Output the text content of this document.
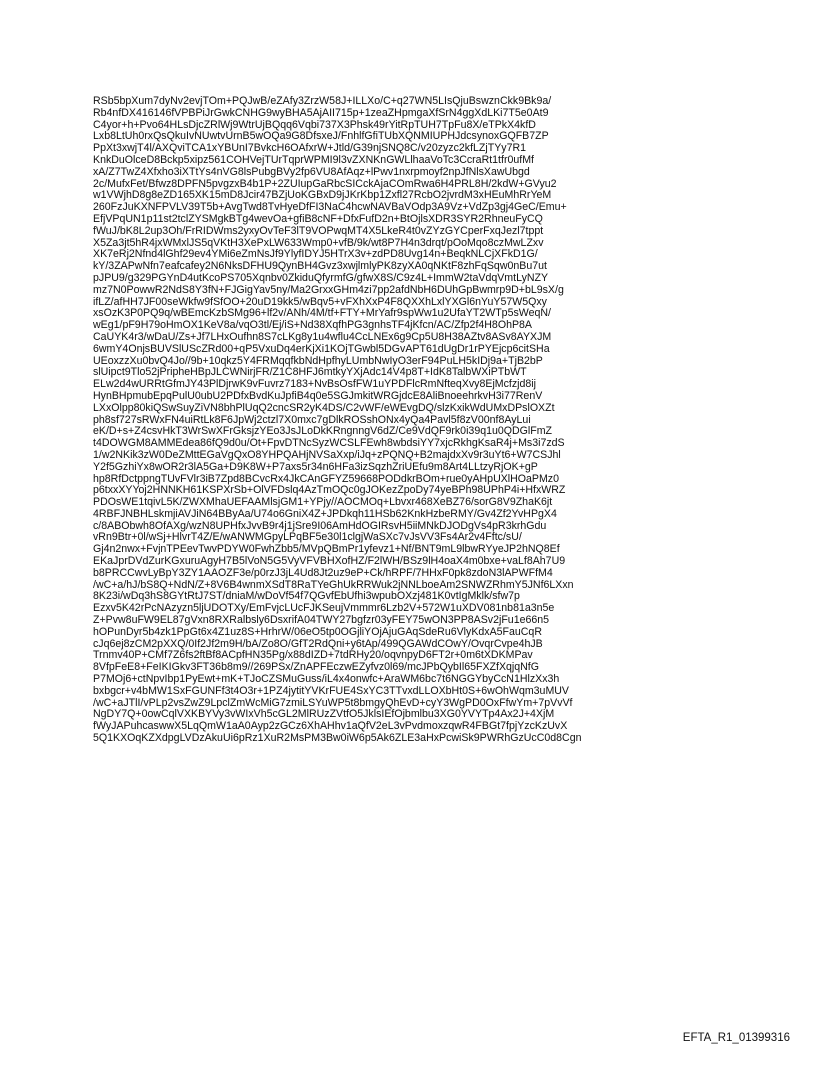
RSb5bpXum7dyNv2evjTOm+PQJwB/eZAfy3ZrzW58J+ILLXo/C+q27WN5LIsQjuBswznCkk9Bk9a/
Rb4nfDX416146fVPBPiJrGwkCNHG9wyBHA5AjAII715p+1zeaZHpmgaXfSrN4ggXdLKi7T5e0At9
C4yor+h+Pvo64HLsDjcZRlWj9WtrUjBQqq6Vqbi737X3Phsk49rYitRpTUH7TpFu8X/eTPkX4kfD
Lxb8LtUh0rxQsQkuIvNUwtvUrnB5wOQa9G8DfsxeJ/FnhlfGfiTUbXQNMIUPHJdcsynoxGQFB7ZP
PpXt3xwjT4l/AXQviTCA1xYBUnI7BvkcH6OAfxrW+Jtld/G39njSNQ8C/v20zyzc2kfLZjTYy7R1
KnkDuOlceD8Bckp5xipz561COHVejTUrTqprWPMI9l3vZXNKnGWLlhaaVoTc3CcraRt1tfr0ufMf
xA/Z7TwZ4Xfxho3iXTtYs4nVG8lsPubgBVy2fp6VU8AfAqz+lPwv1nxrpmoyf2npJfNlsXawUbgd
2c/MufxFet/Bfwz8DPFN5pvgzxB4b1P+2ZUIupGaRbcSICckAjaCOmRwa6H4PRL8H/2kdW+GVyu2
w1VWjhD8g8eZD165XK15mD8Jcir47BZjUoKGBxD9jJKrKbp1Zxfl27RcbO2jvrdM3xHEuMhRrYeM
260FzJuKXNFPVLV39T5b+AvgTwd8TvHyeDfFI3NaC4hcwNAVBaVOdp3A9Vz+VdZp3gj4GeC/Emu+
EfjVPqUN1p11st2tclZYSMgkBTg4wevOa+gfiB8cNF+DfxFufD2n+BtOjlsXDR3SYR2RhneuFyCQ
fWuJ/bK8L2up3Oh/FrRIDWms2yxyOvTeF3lT9VOPwqMT4X5LkeR4t0vZYzGYCperFxqJezl7tppt
X5Za3jt5hR4jxWMxlJS5qVKtH3XePxLW633Wmp0+vfB/9k/wt8P7H4n3drqt/pOoMqo8czMwLZxv
XK7eRj2Nfnd4lGhf29ev4YMi6eZmNsJf9YlyfIDYJ5HTrX3v+zdPD8Uvg14n+BeqkNLCjXFkD1G/
kY/3ZAPwNfn7eafcafey2N6NksDFHU9QynBH4Gvz3xwjlmlyPK8zyXA0qNKtF8zhFqSqw0nBu7ut
pJPU9/g329PGYnD4utKcoPS705Xqnbv0ZkiduQfyrmfG/gfwX8S/C9z4L+ImmW2taVdqVmtLyNZY
mz7N0PowwR2NdS8Y3fN+FJGigYav5ny/Ma2GrxxGHm4zi7pp2afdNbH6DUhGpBwmrp9D+bL9sX/g
ifLZ/afHH7JF00seWkfw9fSfOO+20uD19kk5/wBqv5+vFXhXxP4F8QXXhLxlYXGl6nYuY57W5Qxy
xsOzK3P0PQ9q/wBEmcKzbSMg96+lf2v/ANh/4M/tf+FTY+MrYafr9spWw1u2UfaYT2WTp5sWeqN/
wEg1/pF9H79oHmOX1KeV8a/vqO3tl/Ej/iS+Nd38XqfhPG3gnhsTF4jKfcn/AC/Zfp2f4H8OhP8A
CaUYK4r3/wDaU/Zs+Jf7LHxOufhn8S7cLKg8y1u4wflu4CcLNEx6g9Cp5U8H38AZtv8ASv8AYXJM
6wmY4OnjsBUVSlUScZRd00+qP5VxuDq4erKjXi1KOjTGwbl5DGvAPT61dUgDr1rPYEjcp6citSHa
UEoxzzXu0bvQ4Jo//9b+10qkz5Y4FRMqqfkbNdHpfhyLUmbNwIyO3erF94PuLH5kIDj9a+TjB2bP
slUipct9Tlo52jPripheHBpJLCWNirjFR/Z1C8HFJ6mtkyYXjAdc14V4p8T+IdK8TalbWXiPTbWT
ELw2d4wURRtGfmJY43PlDjrwK9vFuvrz7183+NvBsOsfFW1uYPDFlcRmNfteqXvy8EjMcfzjd8ij
HynBHpmubEpqPulU0ubU2PDfxBvdKuJpfiB4q0e5SGJmkitWRGjdcE8AliBnoeehrkvH3i77RenV
LXxOlpp80kiQSwSuyZiVN8bhPlUqQ2cncSR2yK4DS/C2vWF/eWEvgDQ/slzKxikWdUMxDPslOXZt
ph8sf727sRWxFN4uiRtLk8F6JpWj2ctzl7X0mxc7gDlkROSshONx4yQa4Pavl5f8zV00nf8AyLui
eK/D+s+Z4csvHkT3WrSwXFrGksjzYEo3JsJLoDkKRngnngV6dZ/Ce9VdQF9rk0i39q1u0QDGlFmZ
t4DOWGM8AMMEdea86fQ9d0u/Ot+FpvDTNcSyzWCSLFEwh8wbdsiYY7xjcRkhgKsaR4j+Ms3i7zdS
1/w2NKik3zW0DeZMttEGaVgQxO8YHPQAHjNVSaXxp/iJq+zPQNQ+B2majdxXv9r3uYt6+W7CSJhl
Y2f5GzhiYx8wOR2r3lA5Ga+D9K8W+P7axs5r34n6HFa3izSqzhZriUEfu9m8Art4LLtzyRjOK+gP
hp8RfDctppngTUvFVlr3iB7Zpd8BCvcRx4JkCAnGFYZ59668PODdkrBOm+rue0yAHpUXlHOaPMz0
p6txxXYYoj2HNNKH61KSPXrSb+OlVFDslq4AzTmOQc0gJOKezZpoDy74yeBPh98UPhP4i+HfxWRZ
PDOsWE1tqivL5K/ZWXMhaUEFAAMlsjGM1+YPjy//AOCMOq+Lbvxr468XeBZ76/sorG8V9ZhaK6jt
4RBFJNBHLskmjiAVJiN64BByAa/U74o6GniX4Z+JPDkqh11HSb62KnkHzbeRMY/Gv4Zf2YvHPgX4
c/8ABObwh8OfAXg/wzN8UPHfxJvvB9r4j1jSre9I06AmHdOGIRsvH5iiMNkDJODgVs4pR3krhGdu
vRn9Btr+0l/wSj+HlvrT4Z/E/wANWMGpyLPqBF5e30l1clgjWaSXc7vJsVV3Fs4Ar2v4Fftc/sU/
Gj4n2nwx+FvjnTPEevTwvPDYW0FwhZbb5/MVpQBmPr1yfevz1+Nf/BNT9mL9lbwRYyeJP2hNQ8Ef
EKaJprDVdZurKGxuruAgyH7B5lVoN5G5VyVFVBHXofHZ/F2lWH/BSz9lH4oaX4m0bxe+vaLf8Ah7U9
b8PRCCwvLyBpY3ZY1AAOZF3e/p0rzJ3jL4Ud8Jt2uz9eP+Ck/hRPF/7HHxF0pk8zdoN3lAPWFfM4
/wC+a/hJ/bS8Q+NdN/Z+8V6B4wnmXSdT8RaTYeGhUkRRWuk2jNNLboeAm2SNWZRhmY5JNf6LXxn
8K23i/wDq3hS8GYtRtJ7ST/dniaM/wDoVf54f7QGvfEbUfhi3wpubOXzj481K0vtIgMklk/sfw7p
Ezxv5K42rPcNAzyzn5ljUDOTXy/EmFvjcLUcFJKSeujVmmmr6Lzb2V+572W1uXDV081nb81a3n5e
Z+Pvw8uFW9EL87gVxn8RXRalbsly6DsxrifA04TWY27bgfzr03yFEY75wON3PP8ASv2jFu1e66n5
hOPunDyr5b4zk1PpGt6x4Z1uz8S+HrhrW/06eO5tp0OGjliYOjAjuGAqSdeRu6VlyKdxA5FauCqR
cJq6ej8zCM2pXXQ/0If2Jf2m9H/bA/Zo8O/GfT2RdQni+y6tAp/499QGAWdCOwY/OvqrCvpe4hJB
Trnmv40P+CMf7Z6fs2ftBf8ACpfHN35Pg/x88dIZD+7tdRHy20/oqvnpyD6FT2r+0m6tXDKMPav
8VfpFeE8+FeIKIGkv3FT36b8m9//269PSx/ZnAPFEczwEZyfvz0l69/mcJPbQybIl65FXZfXqjqNfG
P7MOj6+ctNpvIbp1PyEwt+mK+TJoCZSMuGuss/iL4x4onwfc+AraWM6bc7t6NGGYbyCcN1HlzXx3h
bxbgcr+v4bMW1SxFGUNFf3t4O3r+1PZ4jytitYVKrFUE4SxYC3TTvxdLLOXbHt0S+6wOhWqm3uMUV
/wC+aJTlI/vPLp2vsZwZ9LpclZmWcMiG7zmiLSYuWP5t8bmgyQhEvD+cyY3WgPD0OxFfwYm+7pVvVf
NgDY7Q+0owCqlVXKBYVy3vWIxVh5cGL2MlRUzZVtfO5JklsIEfOjbmlbu3XG0YVYTp4Ax2J+4XjM
fWyJAPuhcaswwX5LqQmW1aA0Ayp2zGCz6XhAHhv1aQfV2eL3vPvdmoxzqwR4FBGt7fpjYzcKzUvX
5Q1KXOqKZXdpgLVDzAkuUi6pRz1XuR2MsPM3Bw0iW6p5Ak6ZLE3aHxPcwiSk9PWRhGzUcC0d8Cgn
EFTA_R1_01399316
